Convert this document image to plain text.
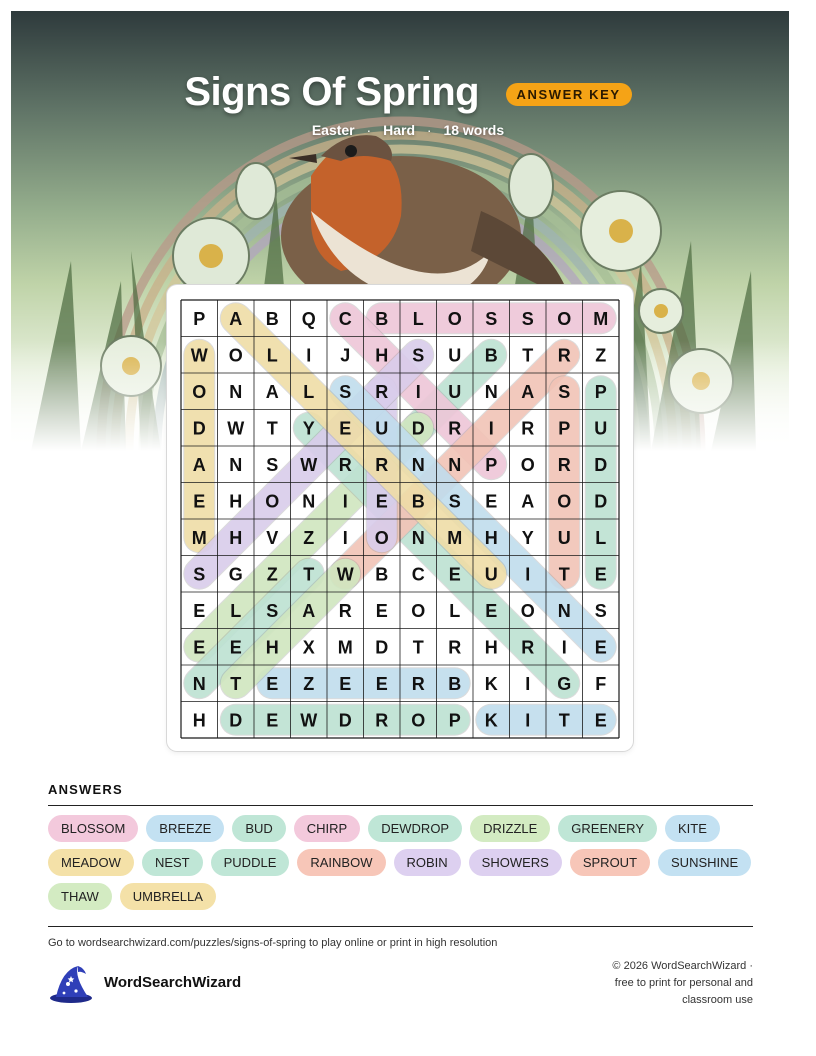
Signs Of Spring	ANSWER KEY
Easter · Hard · 18 words
P A B Q C B L O S S O M
W O L I J H S U B T R Z
O N A L S R I U N A S P
D W T Y E U D R I R P U
A N S W R R N N P O R D
E H O N I E B S E A O D
M H V Z I O N M H Y U L
S G Z T W B C E U I T E
E L S A R E O L E O N S
E E H X M D T R H R I E
N T E Z E E R B K I G F
H D E W D R O P K I T E
ANSWERS
BLOSSOM	BREEZE	BUD	CHIRP	DEWDROP	DRIZZLE	GREENERY	KITEMEADOW	NEST	PUDDLE	RAINBOW	ROBIN	SHOWERS	SPROUT	SUNSHINETHAW	UMBRELLA
Go to wordsearchwizard.com/puzzles/signs-of-spring to play online or print in high resolution
WordSearchWizard
© 2026 WordSearchWizard ·
free to print for personal and
classroom use
